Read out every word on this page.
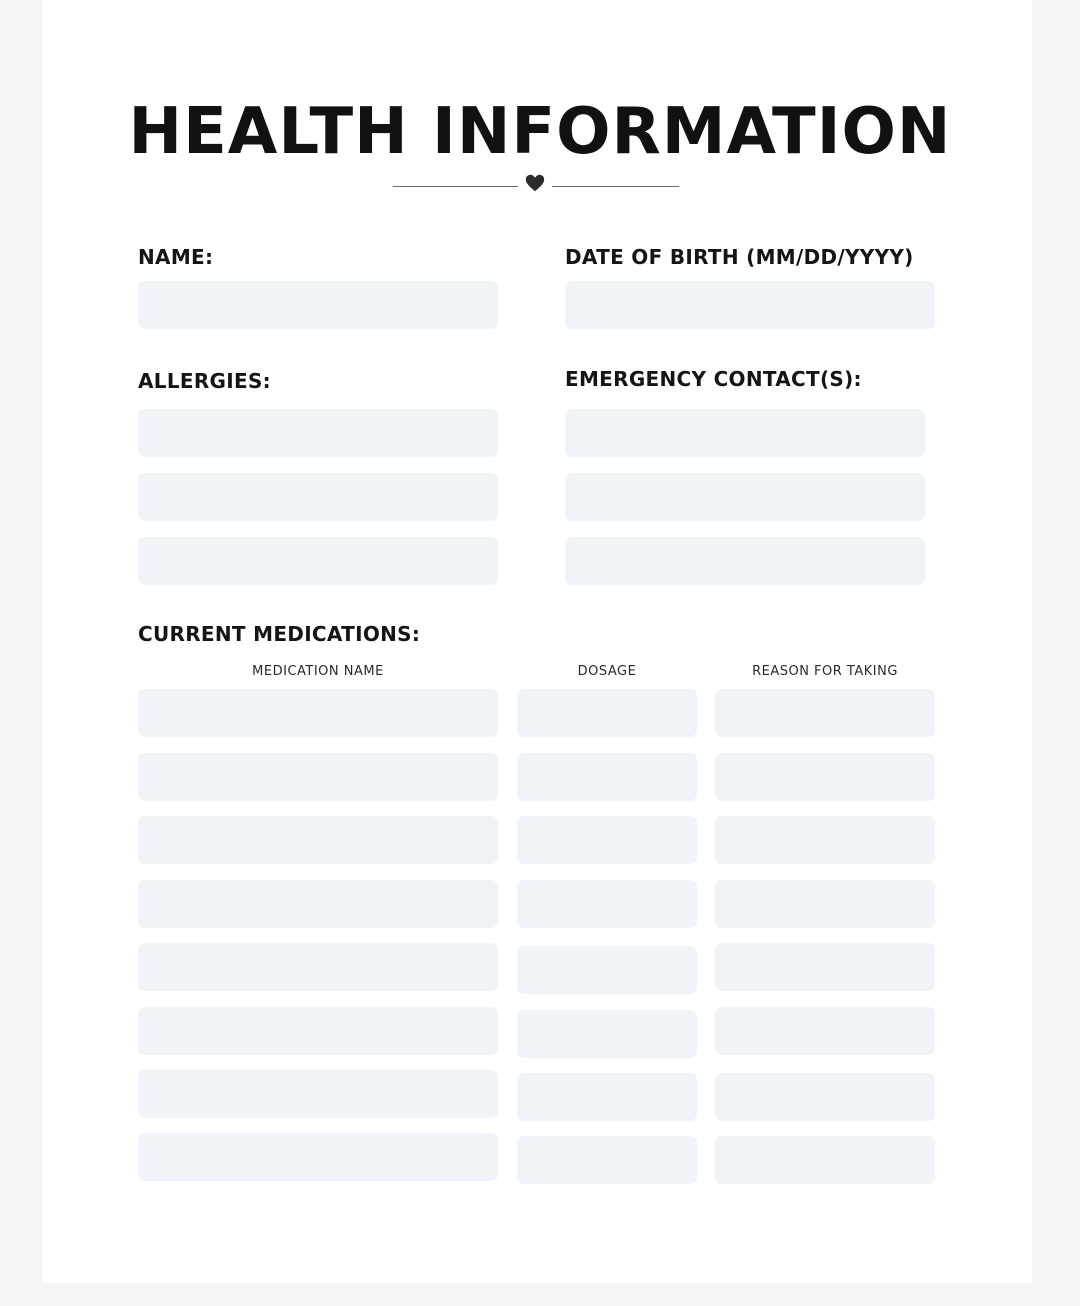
HEALTH INFORMATION
NAME:	DATE OF BIRTH (MM/DD/YYYY)
ALLERGIES:	EMERGENCY CONTACT(S):
CURRENT MEDICATIONS:
MEDICATION NAME	DOSAGE	REASON FOR TAKING
